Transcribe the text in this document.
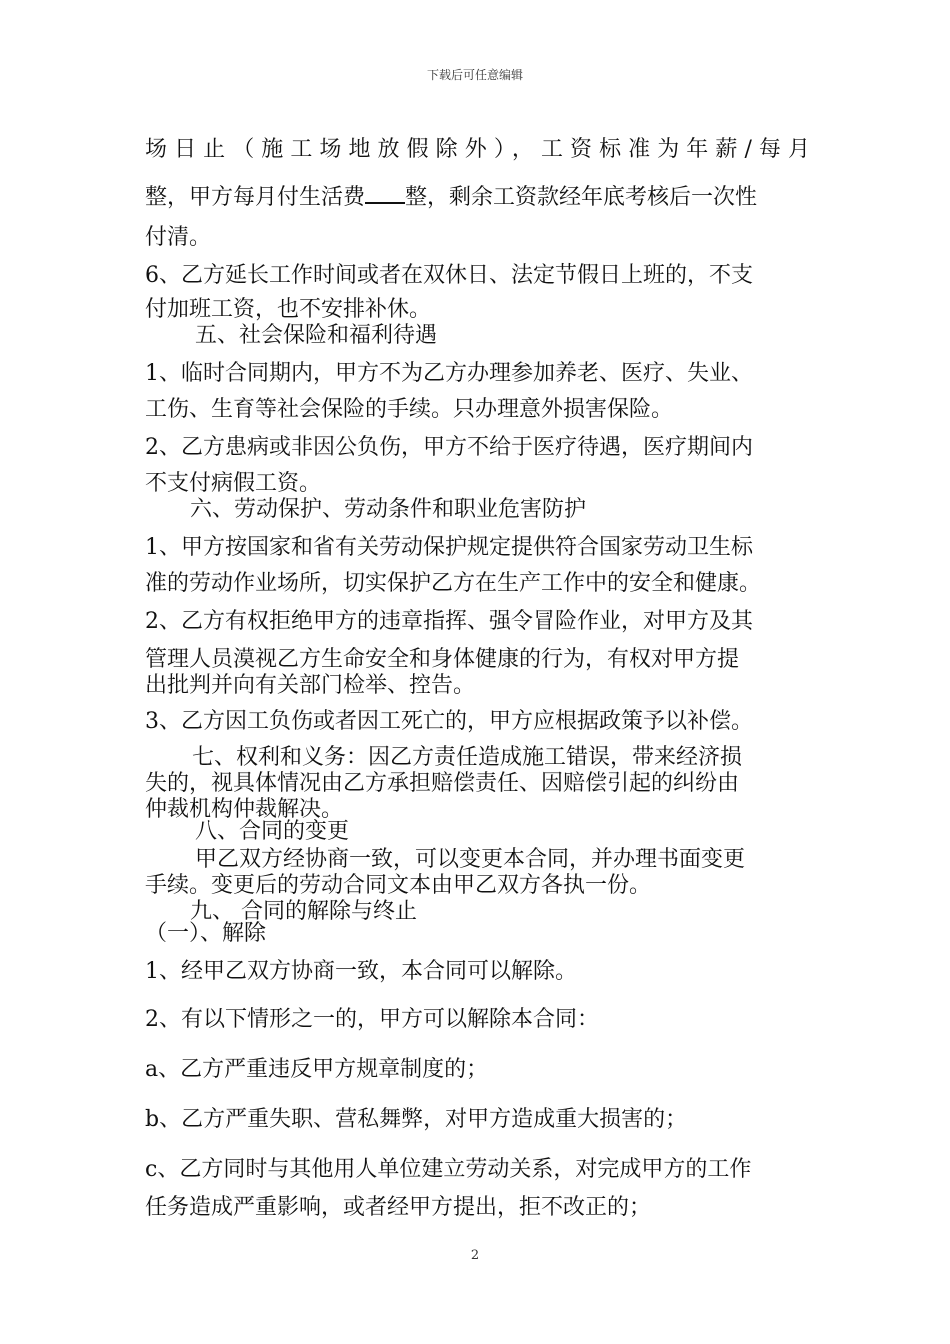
下载后可任意编辑
场日止（施工场地放假除外），工资标准为年薪/每月
整，甲方每月付生活费 整，剩余工资款经年底考核后一次性
付清。
6、乙方延长工作时间或者在双休日、法定节假日上班的，不支
付加班工资，也不安排补休。
五、社会保险和福利待遇
1、临时合同期内，甲方不为乙方办理参加养老、医疗、失业、
工伤、生育等社会保险的手续。只办理意外损害保险。
2、乙方患病或非因公负伤，甲方不给于医疗待遇，医疗期间内
不支付病假工资。
六、劳动保护、劳动条件和职业危害防护
1、甲方按国家和省有关劳动保护规定提供符合国家劳动卫生标
准的劳动作业场所，切实保护乙方在生产工作中的安全和健康。
2、乙方有权拒绝甲方的违章指挥、强令冒险作业，对甲方及其
管理人员漠视乙方生命安全和身体健康的行为，有权对甲方提
出批判并向有关部门检举、控告。
3、乙方因工负伤或者因工死亡的，甲方应根据政策予以补偿。
七、权利和义务：因乙方责任造成施工错误，带来经济损
失的，视具体情况由乙方承担赔偿责任、因赔偿引起的纠纷由
仲裁机构仲裁解决。
八、合同的变更
甲乙双方经协商一致，可以变更本合同，并办理书面变更
手续。变更后的劳动合同文本由甲乙双方各执一份。
九、 合同的解除与终止
（一）、解除
1、经甲乙双方协商一致，本合同可以解除。
2、有以下情形之一的，甲方可以解除本合同：
a、乙方严重违反甲方规章制度的；
b、乙方严重失职、营私舞弊，对甲方造成重大损害的；
c、乙方同时与其他用人单位建立劳动关系，对完成甲方的工作
任务造成严重影响，或者经甲方提出，拒不改正的；
2
